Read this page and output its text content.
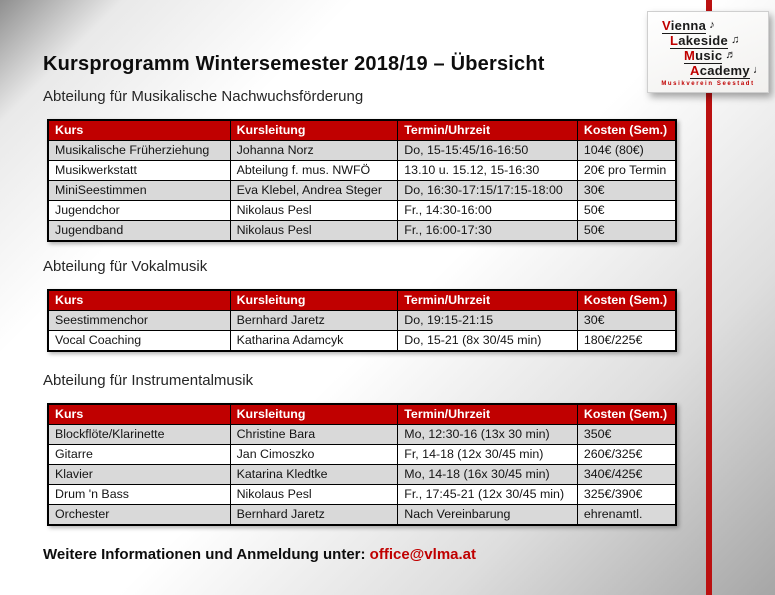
Vienna ♪
Lakeside ♫
Music ♬
Academy ♩
Musikverein Seestadt
Kursprogramm Wintersemester 2018/19 – Übersicht
Abteilung für Musikalische Nachwuchsförderung
Kurs	Kursleitung	Termin/Uhrzeit	Kosten (Sem.)
Musikalische Früherziehung	Johanna Norz	Do, 15-15:45/16-16:50	104€ (80€)
Musikwerkstatt	Abteilung f. mus. NWFÖ	13.10 u. 15.12, 15-16:30	20€ pro Termin
MiniSeestimmen	Eva Klebel, Andrea Steger	Do, 16:30-17:15/17:15-18:00	30€
Jugendchor	Nikolaus Pesl	Fr., 14:30-16:00	50€
Jugendband	Nikolaus Pesl	Fr., 16:00-17:30	50€
Abteilung für Vokalmusik
Kurs	Kursleitung	Termin/Uhrzeit	Kosten (Sem.)
Seestimmenchor	Bernhard Jaretz	Do, 19:15-21:15	30€
Vocal Coaching	Katharina Adamcyk	Do, 15-21 (8x 30/45 min)	180€/225€
Abteilung für Instrumentalmusik
Kurs	Kursleitung	Termin/Uhrzeit	Kosten (Sem.)
Blockflöte/Klarinette	Christine Bara	Mo, 12:30-16 (13x 30 min)	350€
Gitarre	Jan Cimoszko	Fr, 14-18 (12x 30/45 min)	260€/325€
Klavier	Katarina Kledtke	Mo, 14-18 (16x 30/45 min)	340€/425€
Drum 'n Bass	Nikolaus Pesl	Fr., 17:45-21 (12x 30/45 min)	325€/390€
Orchester	Bernhard Jaretz	Nach Vereinbarung	ehrenamtl.
Weitere Informationen und Anmeldung unter: office@vlma.at
